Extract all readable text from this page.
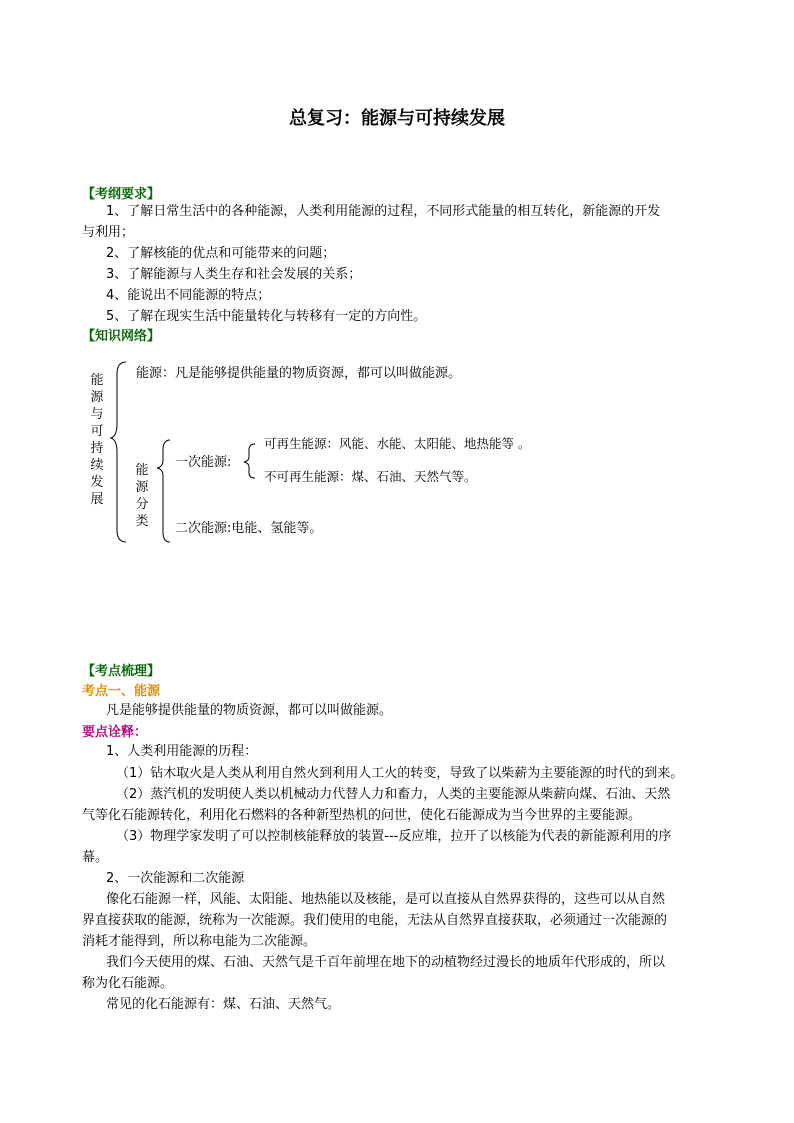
总复习：能源与可持续发展
【考纲要求】
1、了解日常生活中的各种能源，人类利用能源的过程，不同形式能量的相互转化，新能源的开发
与利用；
2、了解核能的优点和可能带来的问题；
3、了解能源与人类生存和社会发展的关系；
4、能说出不同能源的特点；
5、了解在现实生活中能量转化与转移有一定的方向性。
【知识网络】
能源与可持续发展
能源：凡是能够提供能量的物质资源，都可以叫做能源。
能源分类
一次能源:
可再生能源：风能、水能、太阳能、地热能等 。
不可再生能源：煤、石油、天然气等。
二次能源:电能、氢能等。
【考点梳理】
考点一、能源
凡是能够提供能量的物质资源，都可以叫做能源。
要点诠释：
1、人类利用能源的历程：
（1）钻木取火是人类从利用自然火到利用人工火的转变，导致了以柴薪为主要能源的时代的到来。
（2）蒸汽机的发明使人类以机械动力代替人力和畜力，人类的主要能源从柴薪向煤、石油、天然
气等化石能源转化，利用化石燃料的各种新型热机的问世，使化石能源成为当今世界的主要能源。
（3）物理学家发明了可以控制核能释放的装置---反应堆，拉开了以核能为代表的新能源利用的序
幕。
2、一次能源和二次能源
像化石能源一样，风能、太阳能、地热能以及核能，是可以直接从自然界获得的，这些可以从自然
界直接获取的能源，统称为一次能源。我们使用的电能，无法从自然界直接获取，必须通过一次能源的
消耗才能得到，所以称电能为二次能源。
我们今天使用的煤、石油、天然气是千百年前埋在地下的动植物经过漫长的地质年代形成的，所以
称为化石能源。
常见的化石能源有：煤、石油、天然气。
